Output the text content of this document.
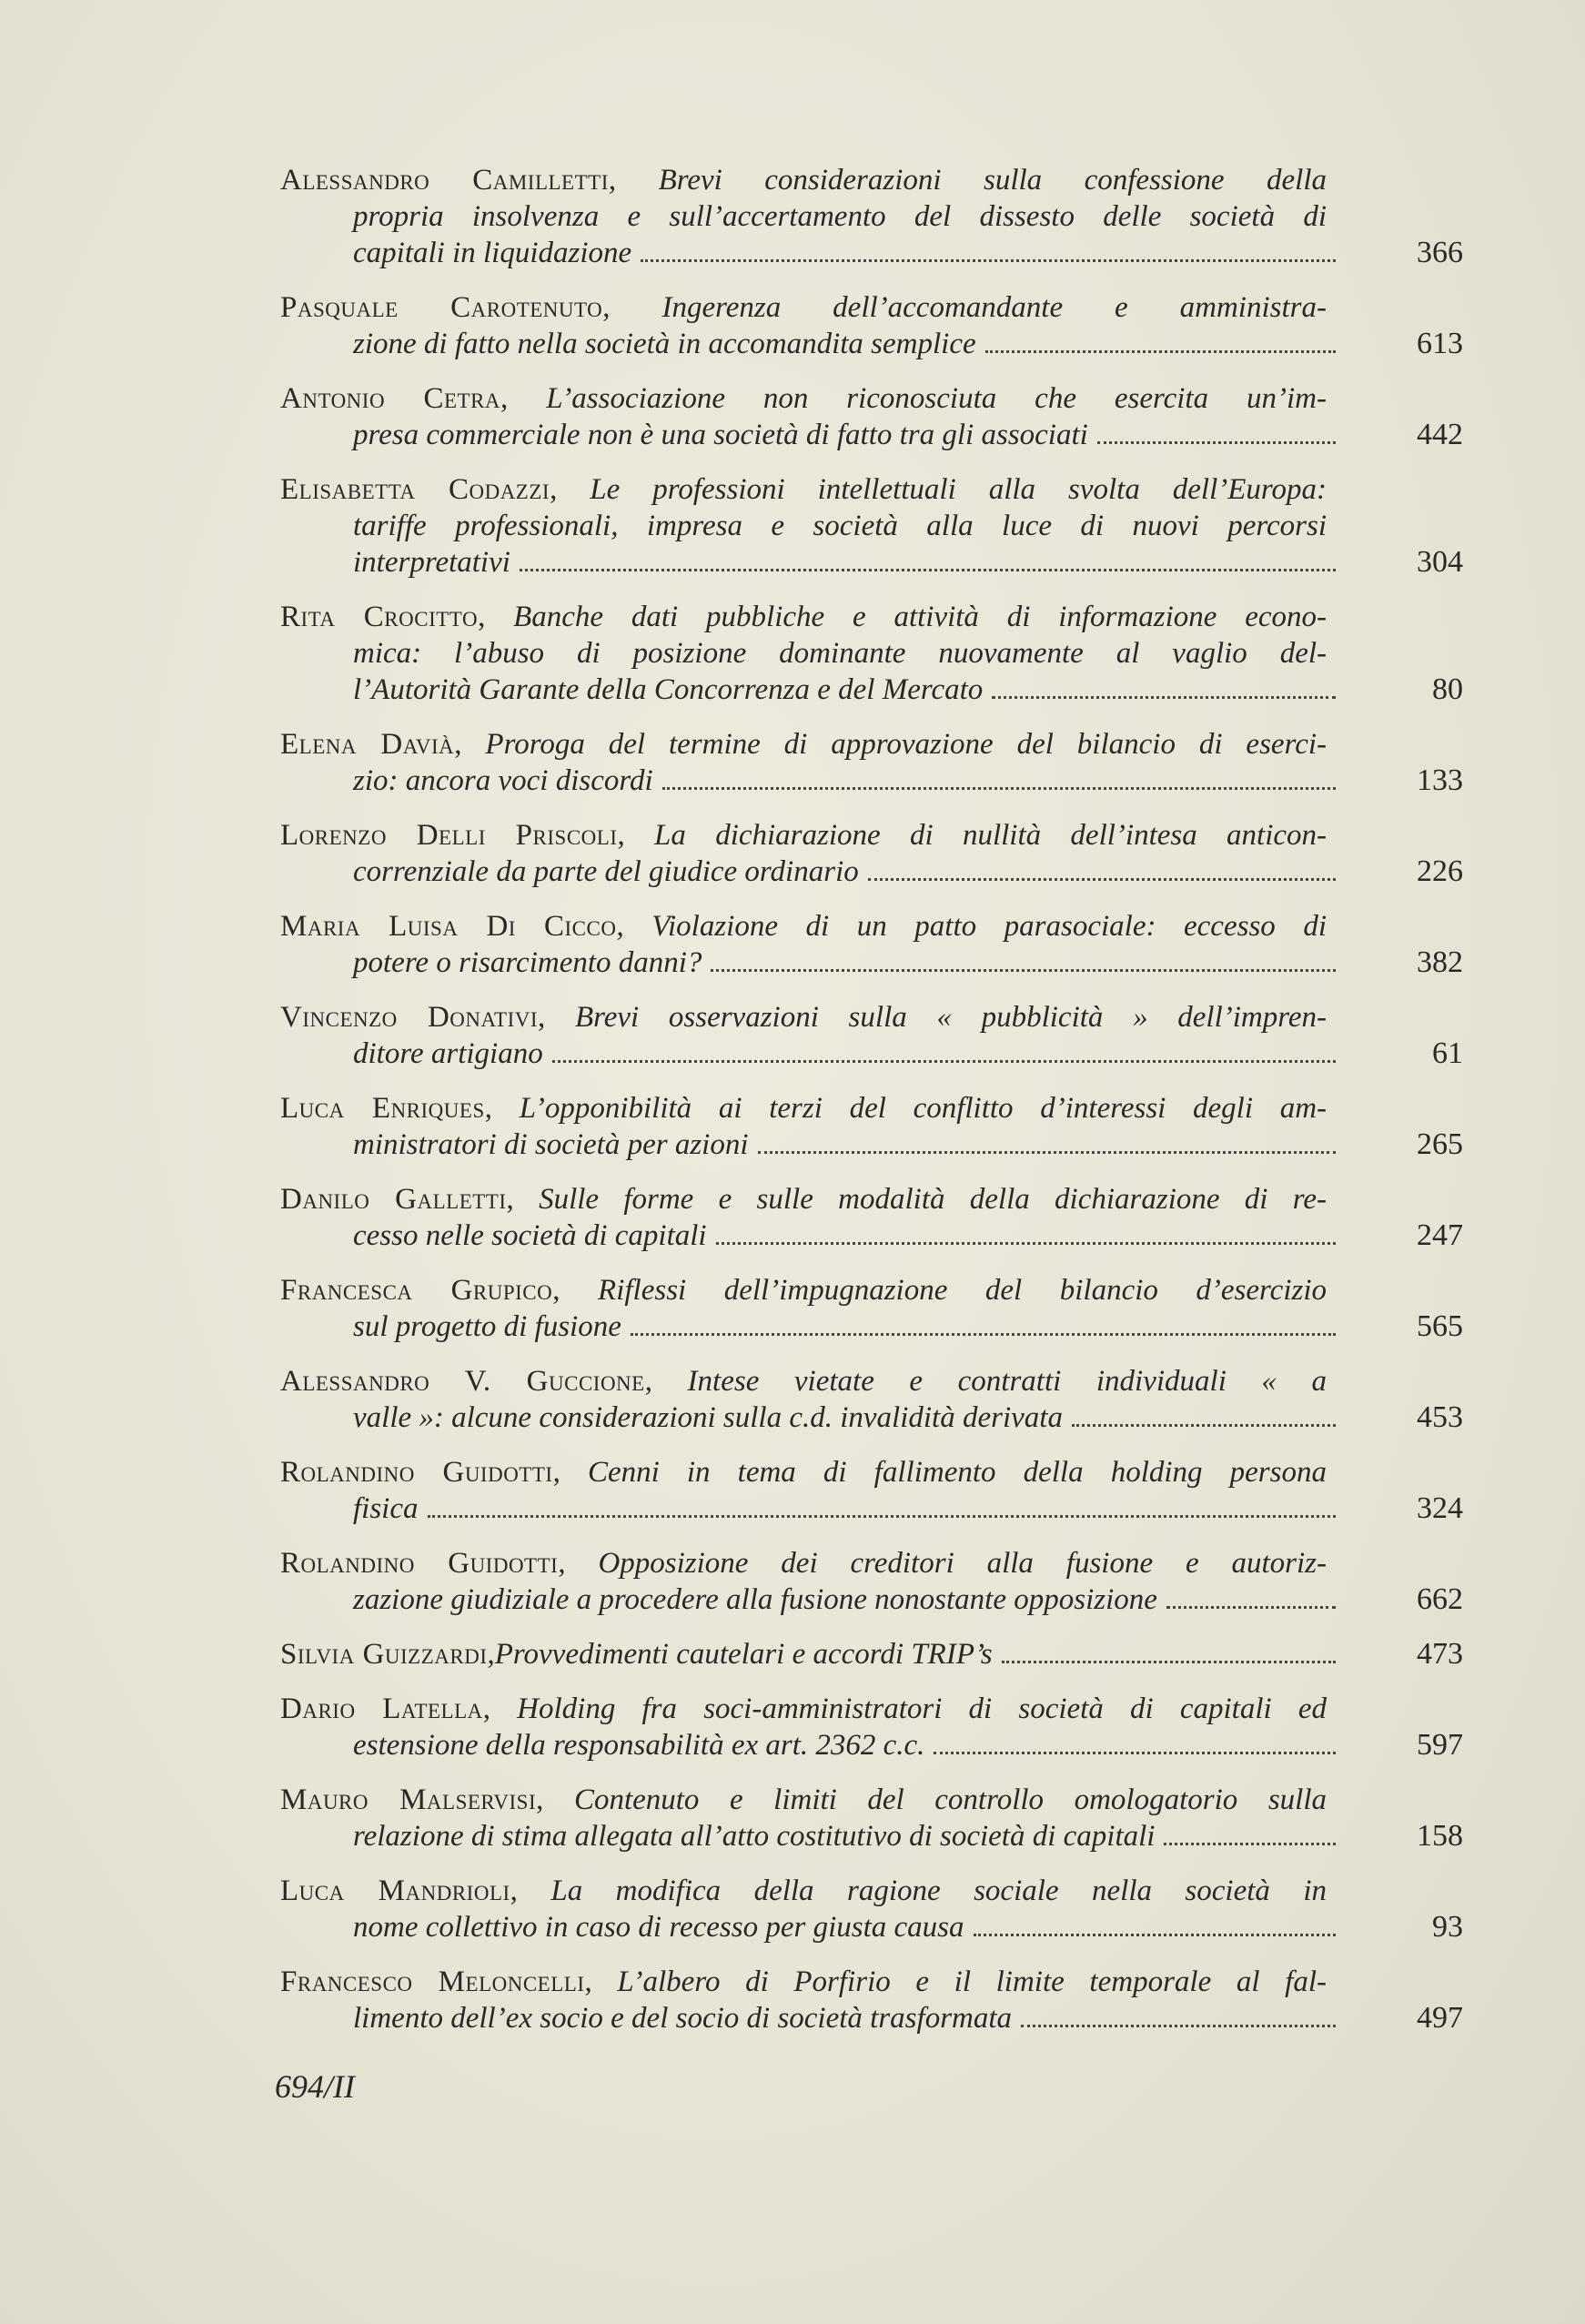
Alessandro Camilletti, Brevi considerazioni sulla confessione della
propria insolvenza e sull’accertamento del dissesto delle società di
capitali in liquidazione	366
Pasquale Carotenuto, Ingerenza dell’accomandante e amministra-
zione di fatto nella società in accomandita semplice	613
Antonio Cetra, L’associazione non riconosciuta che esercita un’im-
presa commerciale non è una società di fatto tra gli associati	442
Elisabetta Codazzi, Le professioni intellettuali alla svolta dell’Europa:
tariffe professionali, impresa e società alla luce di nuovi percorsi
interpretativi	304
Rita Crocitto, Banche dati pubbliche e attività di informazione econo-
mica: l’abuso di posizione dominante nuovamente al vaglio del-
l’Autorità Garante della Concorrenza e del Mercato	80
Elena Davià, Proroga del termine di approvazione del bilancio di eserci-
zio: ancora voci discordi	133
Lorenzo Delli Priscoli, La dichiarazione di nullità dell’intesa anticon-
correnziale da parte del giudice ordinario	226
Maria Luisa Di Cicco, Violazione di un patto parasociale: eccesso di
potere o risarcimento danni?	382
Vincenzo Donativi, Brevi osservazioni sulla « pubblicità » dell’impren-
ditore artigiano	61
Luca Enriques, L’opponibilità ai terzi del conflitto d’interessi degli am-
ministratori di società per azioni	265
Danilo Galletti, Sulle forme e sulle modalità della dichiarazione di re-
cesso nelle società di capitali	247
Francesca Grupico, Riflessi dell’impugnazione del bilancio d’esercizio
sul progetto di fusione	565
Alessandro V. Guccione, Intese vietate e contratti individuali « a
valle »: alcune considerazioni sulla c.d. invalidità derivata	453
Rolandino Guidotti, Cenni in tema di fallimento della holding persona
fisica	324
Rolandino Guidotti, Opposizione dei creditori alla fusione e autoriz-
zazione giudiziale a procedere alla fusione nonostante opposizione	662
Silvia Guizzardi , Provvedimenti cautelari e accordi TRIP’s	473
Dario Latella, Holding fra soci-amministratori di società di capitali ed
estensione della responsabilità ex art. 2362 c.c.	597
Mauro Malservisi, Contenuto e limiti del controllo omologatorio sulla
relazione di stima allegata all’atto costitutivo di società di capitali	158
Luca Mandrioli, La modifica della ragione sociale nella società in
nome collettivo in caso di recesso per giusta causa	93
Francesco Meloncelli, L’albero di Porfirio e il limite temporale al fal-
limento dell’ex socio e del socio di società trasformata	497
694/II
